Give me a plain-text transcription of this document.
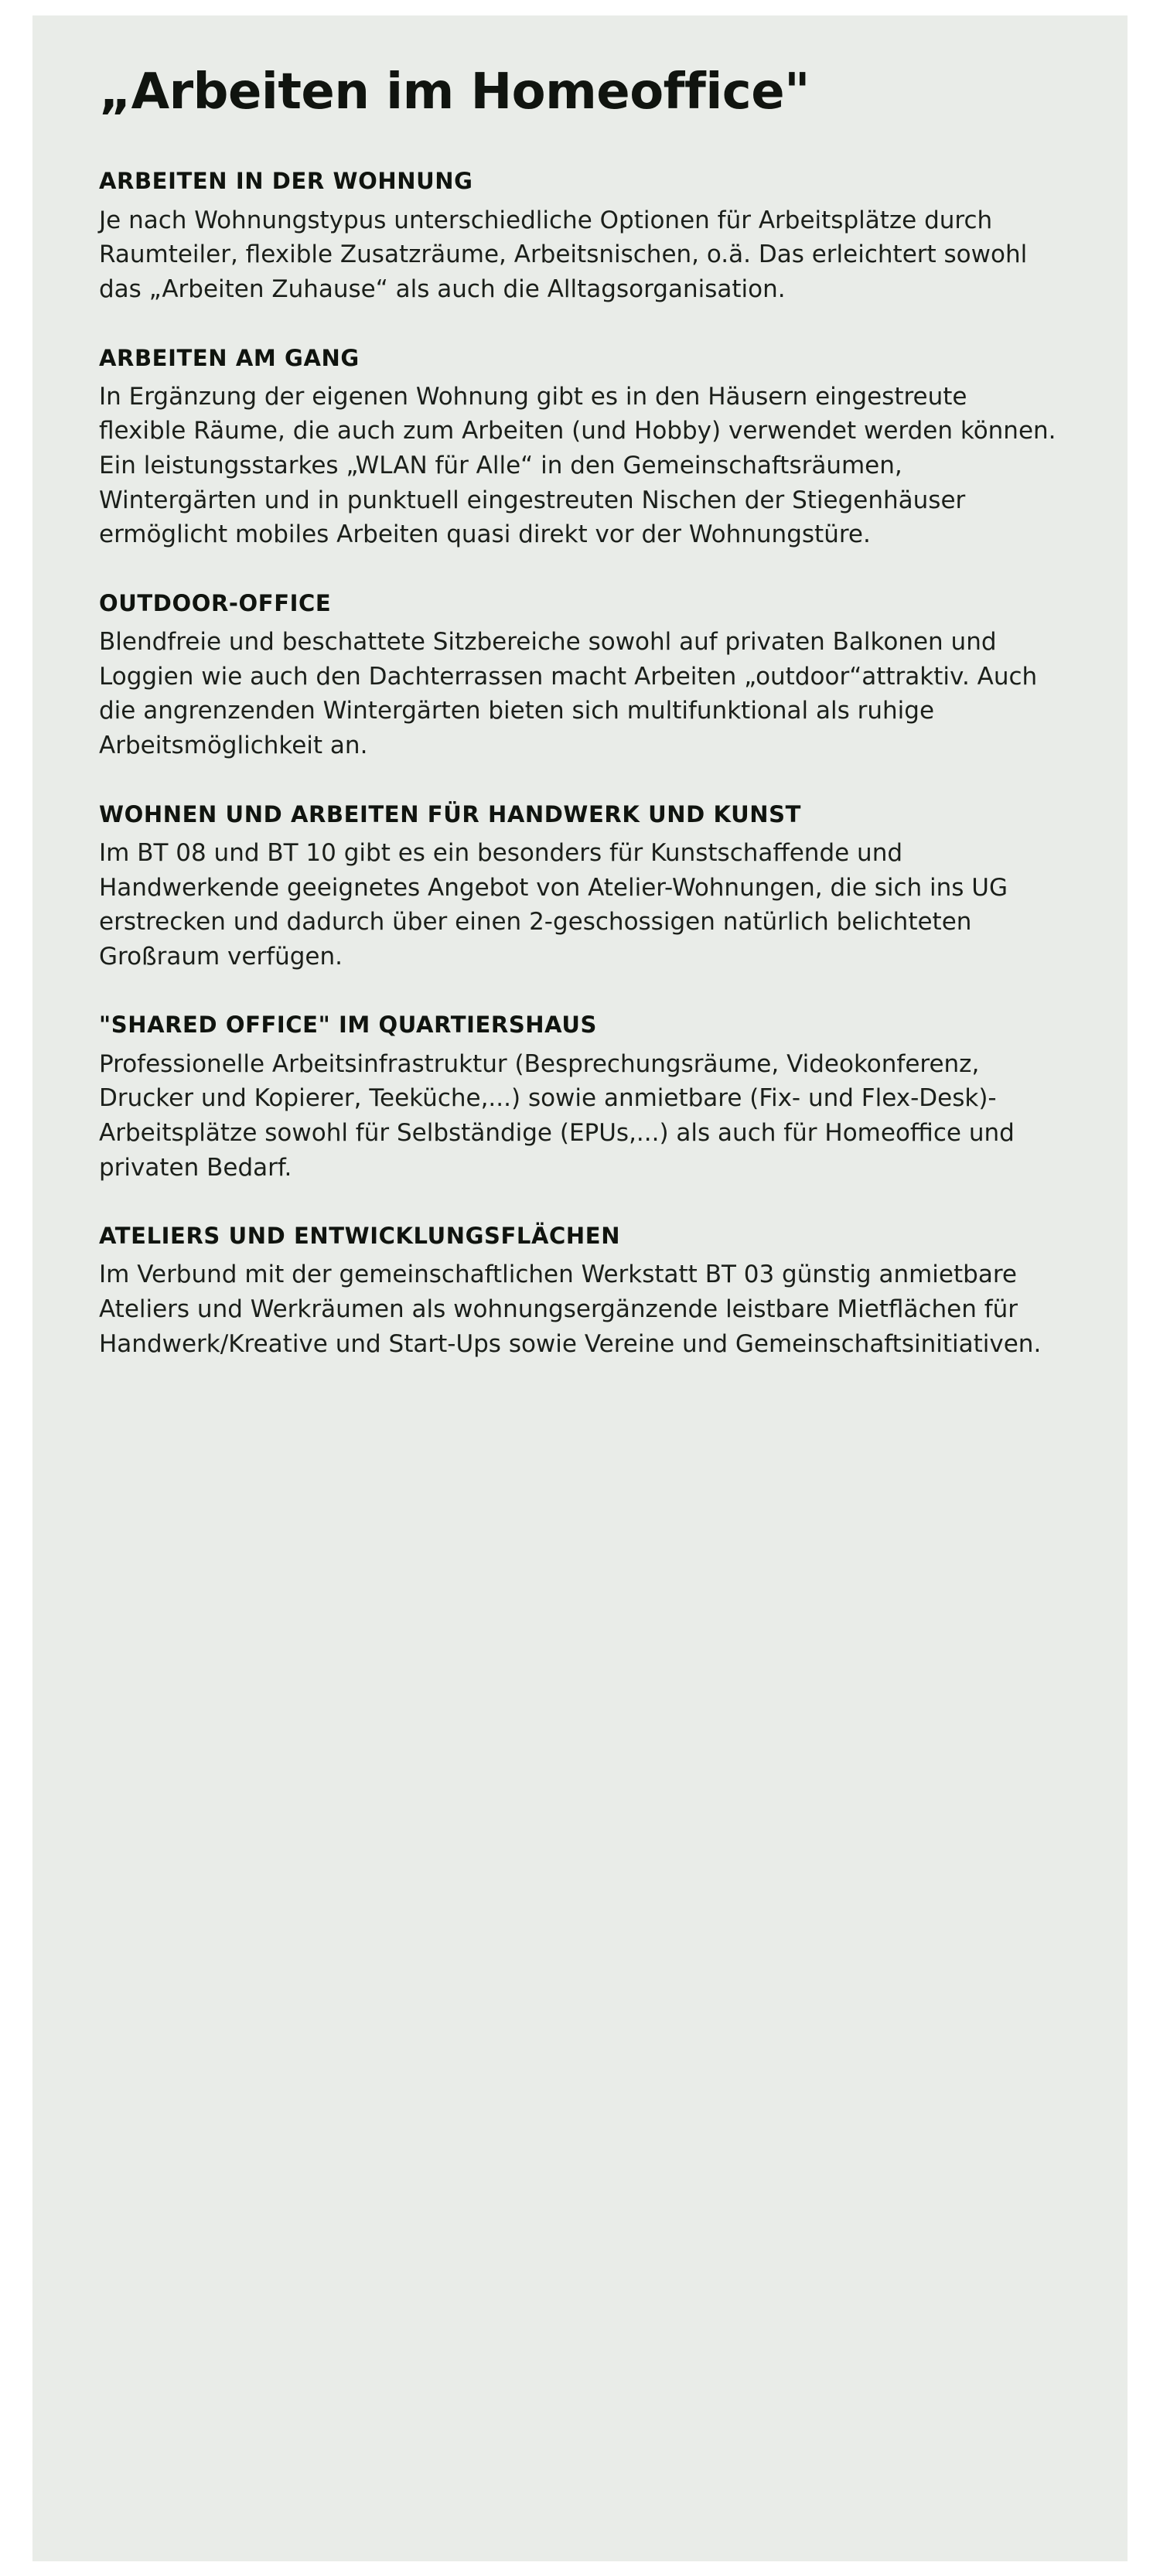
„Arbeiten im Homeoffice"
ARBEITEN IN DER WOHNUNG

Je nach Wohnungstypus unterschiedliche Optionen für Arbeitsplätze durch Raumteiler, flexible Zusatzräume, Arbeitsnischen, o.ä. Das erleichtert sowohl das „Arbeiten Zuhause“ als auch die Alltagsorganisation.

ARBEITEN AM GANG

In Ergänzung der eigenen Wohnung gibt es in den Häusern eingestreute flexible Räume, die auch zum Arbeiten (und Hobby) verwendet werden können. Ein leistungsstarkes „WLAN für Alle“ in den Gemeinschaftsräumen, Wintergärten und in punktuell eingestreuten Nischen der Stiegenhäuser ermöglicht mobiles Arbeiten quasi direkt vor der Wohnungstüre.

OUTDOOR-OFFICE

Blendfreie und beschattete Sitzbereiche sowohl auf privaten Balkonen und Loggien wie auch den Dachterrassen macht Arbeiten „outdoor“attraktiv. Auch die angrenzenden Wintergärten bieten sich multifunktional als ruhige Arbeitsmöglichkeit an.

WOHNEN UND ARBEITEN FÜR HANDWERK UND KUNST

Im BT 08 und BT 10 gibt es ein besonders für Kunstschaffende und Handwerkende geeignetes Angebot von Atelier-Wohnungen, die sich ins UG erstrecken und dadurch über einen 2-geschossigen natürlich belichteten Großraum verfügen.

"SHARED OFFICE" IM QUARTIERSHAUS

Professionelle Arbeitsinfrastruktur (Besprechungsräume, Videokonferenz, Drucker und Kopierer, Teeküche,...) sowie anmietbare (Fix- und Flex-Desk)-Arbeitsplätze sowohl für Selbständige (EPUs,...) als auch für Homeoffice und privaten Bedarf.

ATELIERS UND ENTWICKLUNGSFLÄCHEN

Im Verbund mit der gemeinschaftlichen Werkstatt BT 03 günstig anmietbare Ateliers und Werkräumen als wohnungsergänzende leistbare Mietflächen für Handwerk/Kreative und Start-Ups sowie Vereine und Gemeinschaftsinitiativen.
